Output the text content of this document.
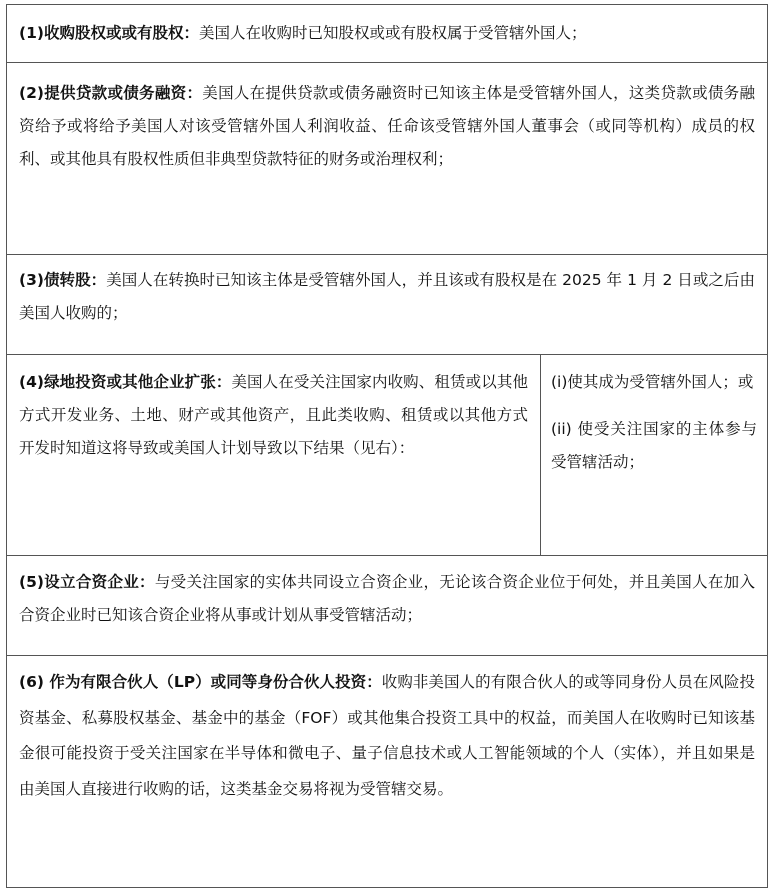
(1)收购股权或或有股权：美国人在收购时已知股权或或有股权属于受管辖外国人；
(2)提供贷款或债务融资：美国人在提供贷款或债务融资时已知该主体是受管辖外国人，这类贷款或债务融资给予或将给予美国人对该受管辖外国人利润收益、任命该受管辖外国人董事会（或同等机构）成员的权利、或其他具有股权性质但非典型贷款特征的财务或治理权利；
(3)债转股：美国人在转换时已知该主体是受管辖外国人，并且该或有股权是在 2025 年 1 月 2 日或之后由美国人收购的；
(4)绿地投资或其他企业扩张：美国人在受关注国家内收购、租赁或以其他方式开发业务、土地、财产或其他资产，且此类收购、租赁或以其他方式开发时知道这将导致或美国人计划导致以下结果（见右）：

(i)使其成为受管辖外国人；或

(ii) 使受关注国家的主体参与受管辖活动；

(5)设立合资企业：与受关注国家的实体共同设立合资企业，无论该合资企业位于何处，并且美国人在加入合资企业时已知该合资企业将从事或计划从事受管辖活动；
(6) 作为有限合伙人（LP）或同等身份合伙人投资：收购非美国人的有限合伙人的或等同身份人员在风险投资基金、私募股权基金、基金中的基金（FOF）或其他集合投资工具中的权益，而美国人在收购时已知该基金很可能投资于受关注国家在半导体和微电子、量子信息技术或人工智能领域的个人（实体），并且如果是由美国人直接进行收购的话，这类基金交易将视为受管辖交易。
